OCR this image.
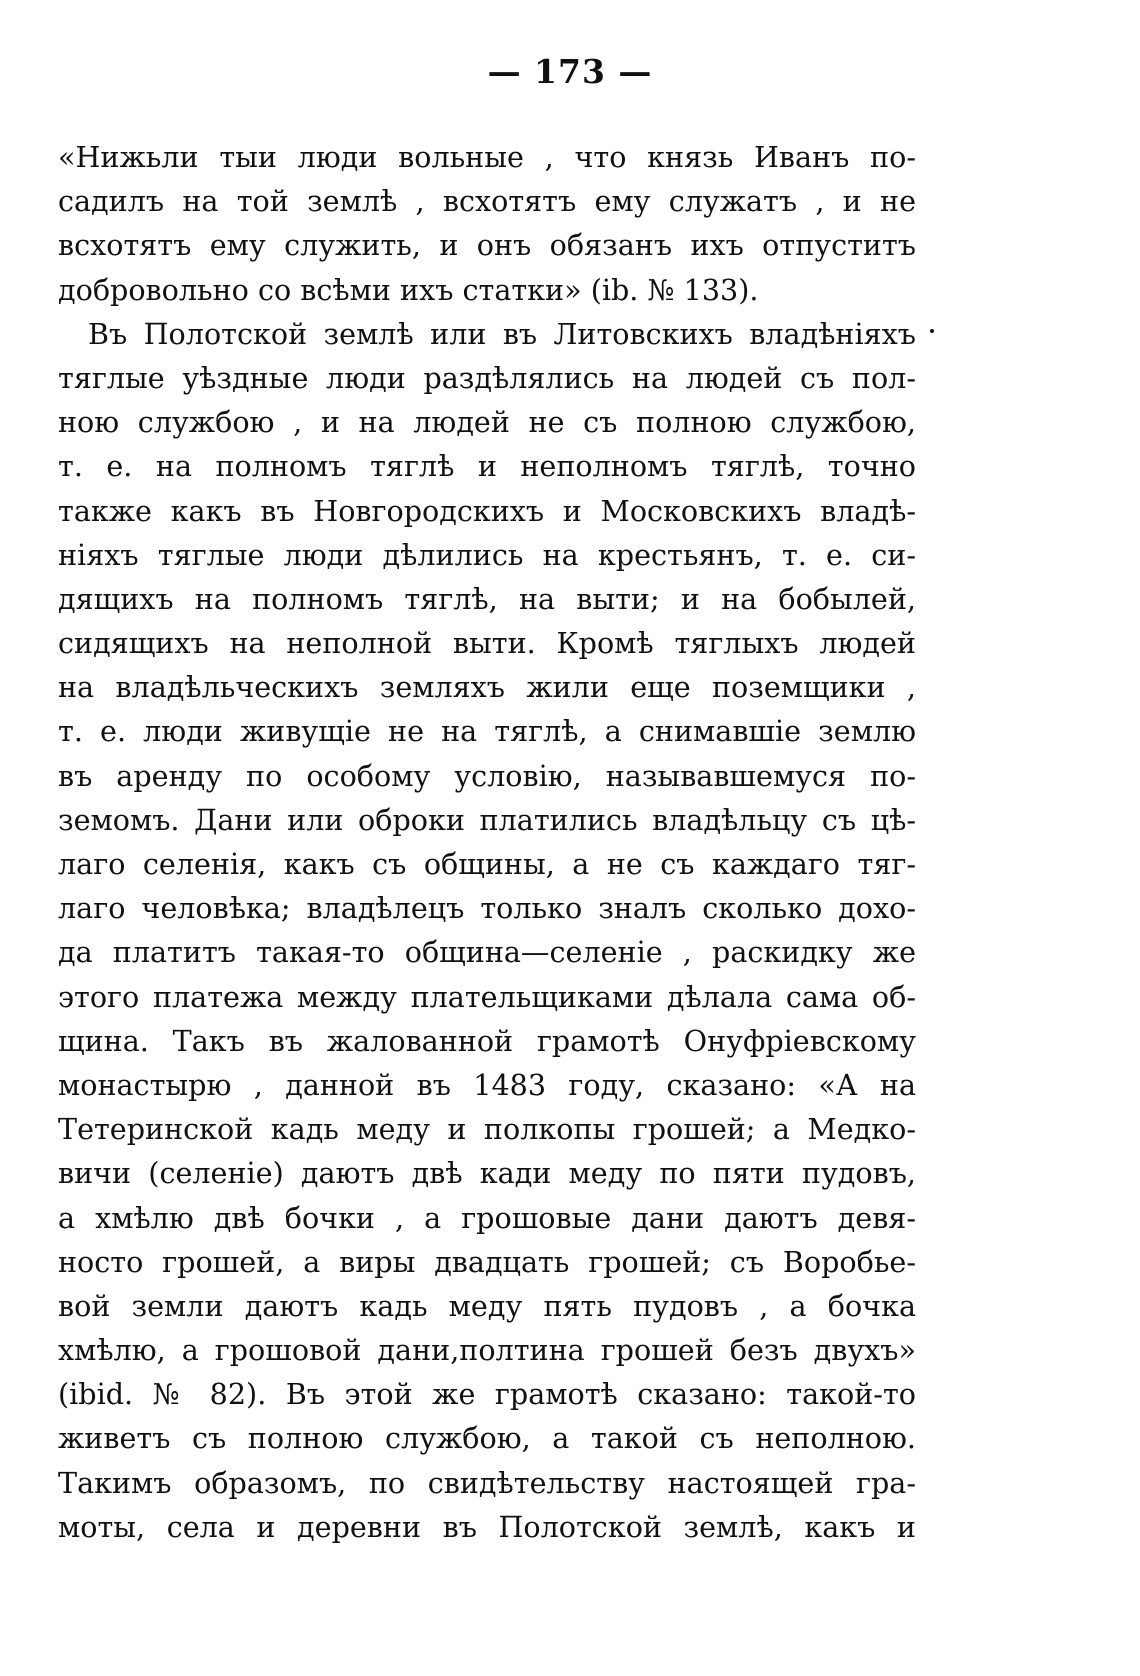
— 173 —
«Нижьли тыи люди вольные , что князь Иванъ по-
садилъ на той землѣ , всхотятъ ему служатъ , и не
всхотятъ ему служить, и онъ обязанъ ихъ отпуститъ
добровольно со всѣми ихъ статки» (ib. № 133).
Въ Полотской землѣ или въ Литовскихъ владѣніяхъ
тяглые уѣздные люди раздѣлялись на людей съ пол-
ною службою , и на людей не съ полною службою,
т. е. на полномъ тяглѣ и неполномъ тяглѣ, точно
также какъ въ Новгородскихъ и Московскихъ владѣ-
ніяхъ тяглые люди дѣлились на крестьянъ, т. е. си-
дящихъ на полномъ тяглѣ, на выти; и на бобылей,
сидящихъ на неполной выти. Кромѣ тяглыхъ людей
на владѣльческихъ земляхъ жили еще поземщики ,
т. е. люди живущіе не на тяглѣ, а снимавшіе землю
въ аренду по особому условію, называвшемуся по-
земомъ. Дани или оброки платились владѣльцу съ цѣ-
лаго селенія, какъ съ общины, а не съ каждаго тяг-
лаго человѣка; владѣлецъ только зналъ сколько дохо-
да платитъ такая-то община—селеніе , раскидку же
этого платежа между плательщиками дѣлала сама об-
щина. Такъ въ жалованной грамотѣ Онуфріевскому
монастырю , данной въ 1483 году, сказано: «А на
Тетеринской кадь меду и полкопы грошей; а Медко-
вичи (селеніе) даютъ двѣ кади меду по пяти пудовъ,
а хмѣлю двѣ бочки , а грошовые дани даютъ девя-
носто грошей, а виры двадцать грошей; съ Воробье-
вой земли даютъ кадь меду пять пудовъ , а бочка
хмѣлю, а грошовой дани,полтина грошей безъ двухъ»
(ibid. № 82). Въ этой же грамотѣ сказано: такой-то
живетъ съ полною службою, а такой съ неполною.
Такимъ образомъ, по свидѣтельству настоящей гра-
моты, села и деревни въ Полотской землѣ, какъ и
